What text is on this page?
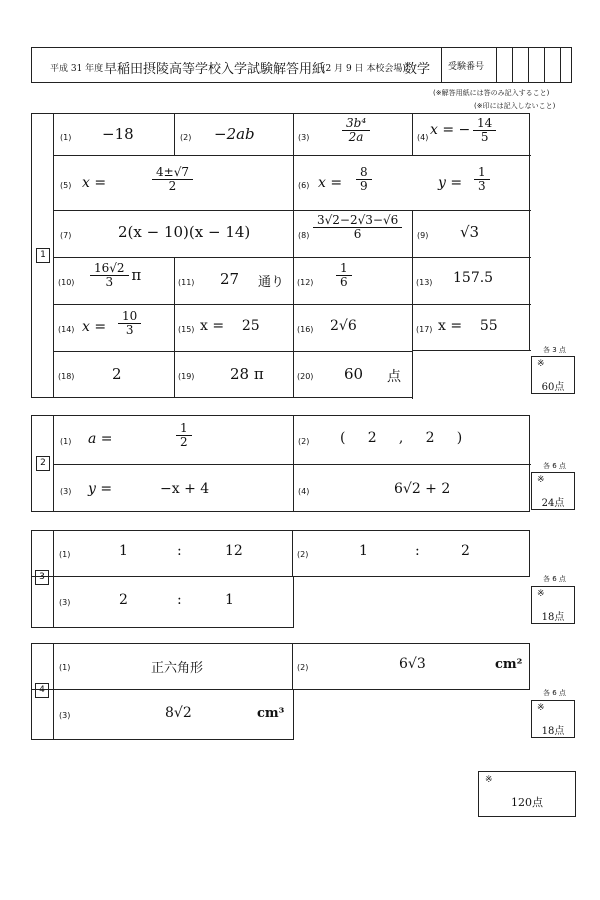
平成 31 年度 早稲田摂陵高等学校入学試験解答用紙
(2 月 9 日 本校会場)
数学 受験番号
(※解答用紙には答のみ記入すること)
(※印には記入しないこと)
1
(1) −18	(2) −2ab	(3)	$\frac{\text{3b⁴}}{2a}$	(4) x = − $\frac{14}{5}$
(5) x =	$\frac{4\pm√7}{2}$	(6) $x = \frac{8}{9}$	$y = \frac{1}{3}$
(7)	2(x − 10)(x − 14)	$(8) \frac{3√2-2√3-√6}{6} (9)$ √3
$(10) \frac{16√2}{3}$ π	(11) 27 通り $(12) \frac{1}{6}$	(13) 157.5
(14) $x = \frac{10}{3}$	(15) x =    25	(16) 2√6	(17) x =    55
(18)	2	(19) 28 π	(20) 60 点
各 3 点
※
60点
2
(1) a =	$\frac{1}{2}$	(2) (     2     ,     2     )
(3) y =	−x + 4	(4)	6√2 + 2
各 6 点
※
24点
3
(1)	1	:	12	(2)	1	:	2
(3)	2	:	1
各 6 点
※
18点
4
(1)	正六角形	(2)	6√3	cm²
(3)	8√2	cm³
各 6 点
※
18点
※
120点
